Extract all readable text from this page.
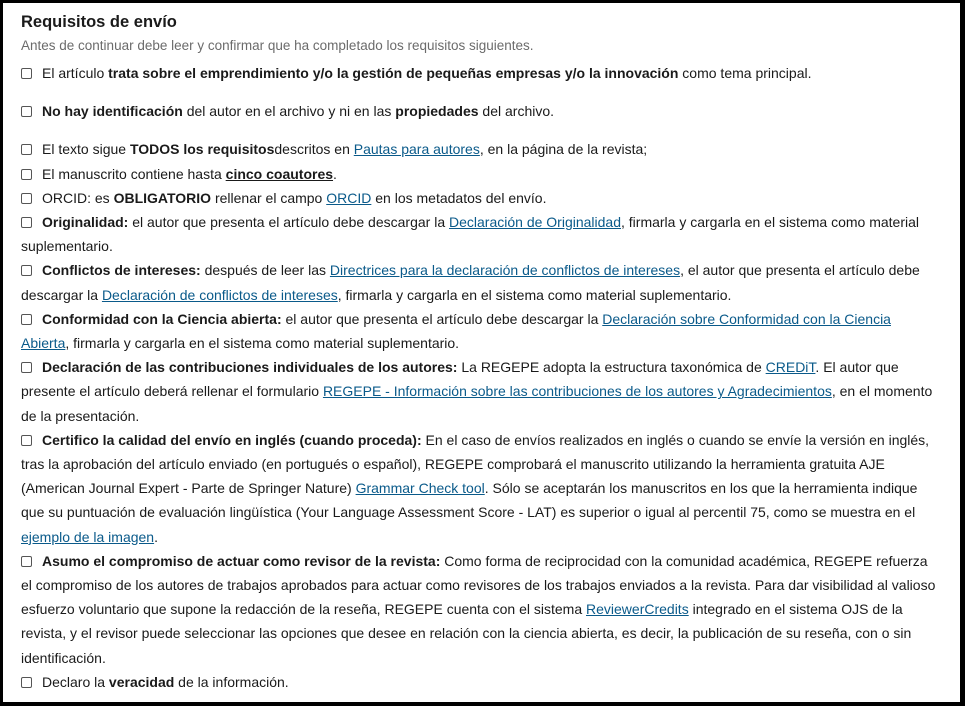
Requisitos de envío

Antes de continuar debe leer y confirmar que ha completado los requisitos siguientes.

El artículo trata sobre el emprendimiento y/o la gestión de pequeñas empresas y/o la innovación como tema principal.
No hay identificación del autor en el archivo y ni en las propiedades del archivo.
El texto sigue TODOS los requisitosdescritos en Pautas para autores, en la página de la revista;
El manuscrito contiene hasta cinco coautores.
ORCID: es OBLIGATORIO rellenar el campo ORCID en los metadatos del envío.
Originalidad: el autor que presenta el artículo debe descargar la Declaración de Originalidad, firmarla y cargarla en el sistema como material suplementario.
Conflictos de intereses: después de leer las Directrices para la declaración de conflictos de intereses, el autor que presenta el artículo debe descargar la Declaración de conflictos de intereses, firmarla y cargarla en el sistema como material suplementario.
Conformidad con la Ciencia abierta: el autor que presenta el artículo debe descargar la Declaración sobre Conformidad con la Ciencia Abierta, firmarla y cargarla en el sistema como material suplementario.
Declaración de las contribuciones individuales de los autores: La REGEPE adopta la estructura taxonómica de CREDiT. El autor que presente el artículo deberá rellenar el formulario REGEPE - Información sobre las contribuciones de los autores y Agradecimientos, en el momento de la presentación.
Certifico la calidad del envío en inglés (cuando proceda): En el caso de envíos realizados en inglés o cuando se envíe la versión en inglés, tras la aprobación del artículo enviado (en portugués o español), REGEPE comprobará el manuscrito utilizando la herramienta gratuita AJE (American Journal Expert - Parte de Springer Nature) Grammar Check tool. Sólo se aceptarán los manuscritos en los que la herramienta indique que su puntuación de evaluación lingüística (Your Language Assessment Score - LAT) es superior o igual al percentil 75, como se muestra en el ejemplo de la imagen.
Asumo el compromiso de actuar como revisor de la revista: Como forma de reciprocidad con la comunidad académica, REGEPE refuerza el compromiso de los autores de trabajos aprobados para actuar como revisores de los trabajos enviados a la revista. Para dar visibilidad al valioso esfuerzo voluntario que supone la redacción de la reseña, REGEPE cuenta con el sistema ReviewerCredits integrado en el sistema OJS de la revista, y el revisor puede seleccionar las opciones que desee en relación con la ciencia abierta, es decir, la publicación de su reseña, con o sin identificación.
Declaro la veracidad de la información.
